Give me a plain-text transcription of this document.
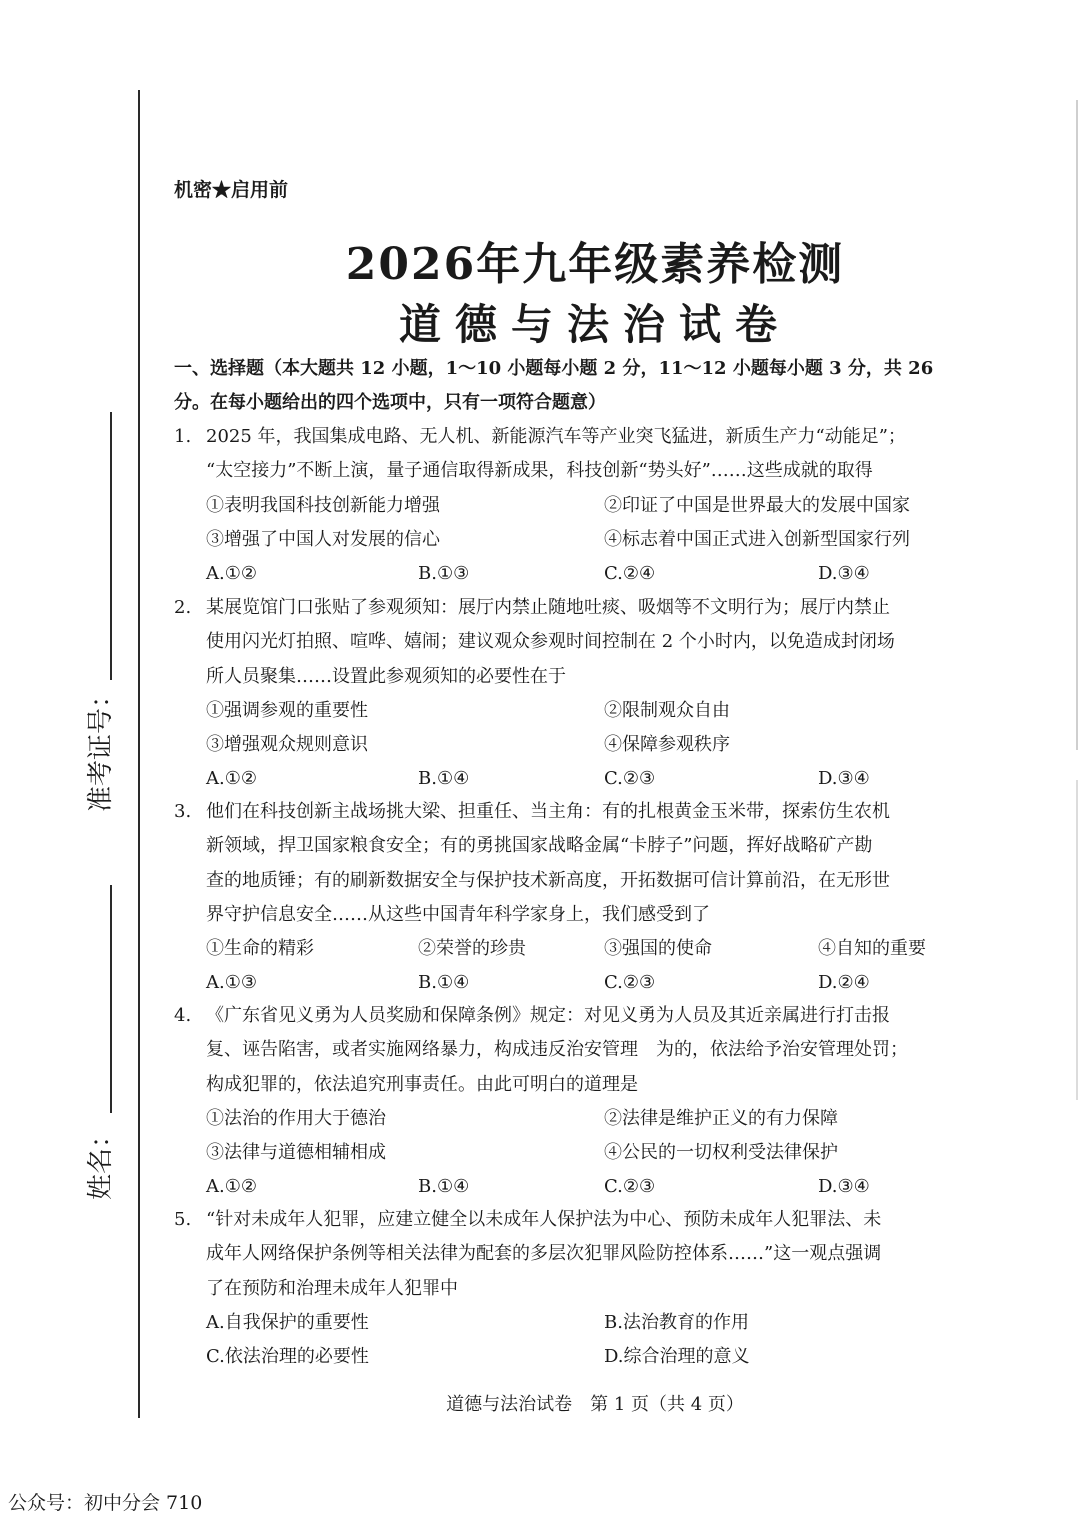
准考证号：
姓名：
机密★启用前
2026年九年级素养检测
道德与法治试卷
一、选择题（本大题共 12 小题，1～10 小题每小题 2 分，11～12 小题每小题 3 分，共 26
分。在每小题给出的四个选项中，只有一项符合题意）
1. 2025 年，我国集成电路、无人机、新能源汽车等产业突飞猛进，新质生产力“动能足”；
“太空接力”不断上演，量子通信取得新成果，科技创新“势头好”……这些成就的取得
①表明我国科技创新能力增强	②印证了中国是世界最大的发展中国家
③增强了中国人对发展的信心	④标志着中国正式进入创新型国家行列
A.①②	B.①③	C.②④	D.③④
2. 某展览馆门口张贴了参观须知：展厅内禁止随地吐痰、吸烟等不文明行为；展厅内禁止
使用闪光灯拍照、喧哗、嬉闹；建议观众参观时间控制在 2 个小时内，以免造成封闭场
所人员聚集……设置此参观须知的必要性在于
①强调参观的重要性	②限制观众自由
③增强观众规则意识	④保障参观秩序
A.①②	B.①④	C.②③	D.③④
3. 他们在科技创新主战场挑大梁、担重任、当主角：有的扎根黄金玉米带，探索仿生农机
新领域，捍卫国家粮食安全；有的勇挑国家战略金属“卡脖子”问题，挥好战略矿产勘
查的地质锤；有的刷新数据安全与保护技术新高度，开拓数据可信计算前沿，在无形世
界守护信息安全……从这些中国青年科学家身上，我们感受到了
①生命的精彩	②荣誉的珍贵	③强国的使命	④自知的重要
A.①③	B.①④	C.②③	D.②④
4. 《广东省见义勇为人员奖励和保障条例》规定：对见义勇为人员及其近亲属进行打击报
复、诬告陷害，或者实施网络暴力，构成违反治安管理　为的，依法给予治安管理处罚；
构成犯罪的，依法追究刑事责任。由此可明白的道理是
①法治的作用大于德治	②法律是维护正义的有力保障
③法律与道德相辅相成	④公民的一切权利受法律保护
A.①②	B.①④	C.②③	D.③④
5. “针对未成年人犯罪，应建立健全以未成年人保护法为中心、预防未成年人犯罪法、未
成年人网络保护条例等相关法律为配套的多层次犯罪风险防控体系……”这一观点强调
了在预防和治理未成年人犯罪中
A.自我保护的重要性	B.法治教育的作用
C.依法治理的必要性	D.综合治理的意义
道德与法治试卷　第 1 页（共 4 页）
公众号：初中分会 710
